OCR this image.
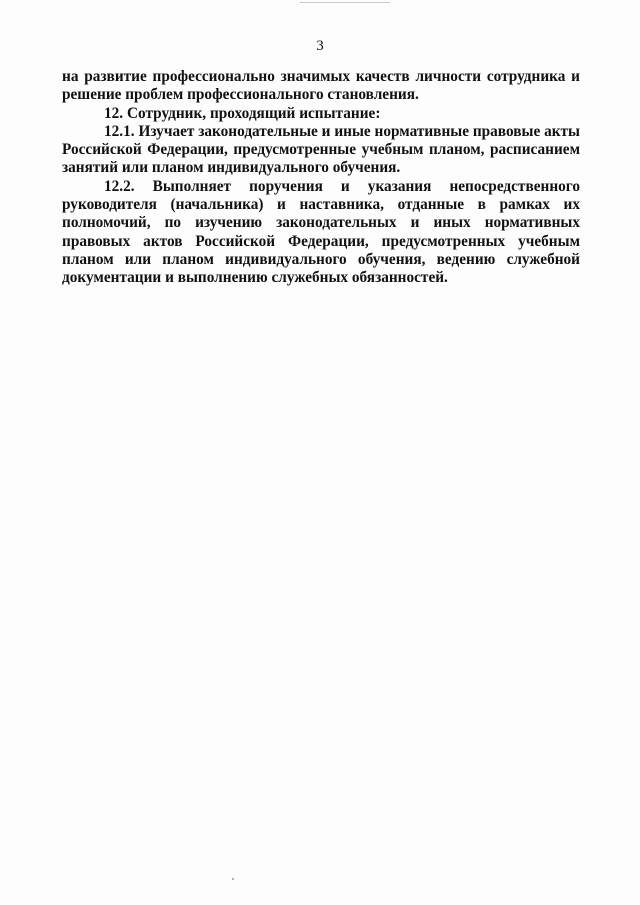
3

на развитие профессионально значимых качеств личности сотрудника и решение проблем профессионального становления.

12. Сотрудник, проходящий испытание:

12.1. Изучает законодательные и иные нормативные правовые акты Российской Федерации, предусмотренные учебным планом, расписанием занятий или планом индивидуального обучения.

12.2. Выполняет поручения и указания непосредственного руководителя (начальника) и наставника, отданные в рамках их полномочий, по изучению законодательных и иных нормативных правовых актов Российской Федерации, предусмотренных учебным планом или планом индивидуального обучения, ведению служебной документации и выполнению служебных обязанностей.
